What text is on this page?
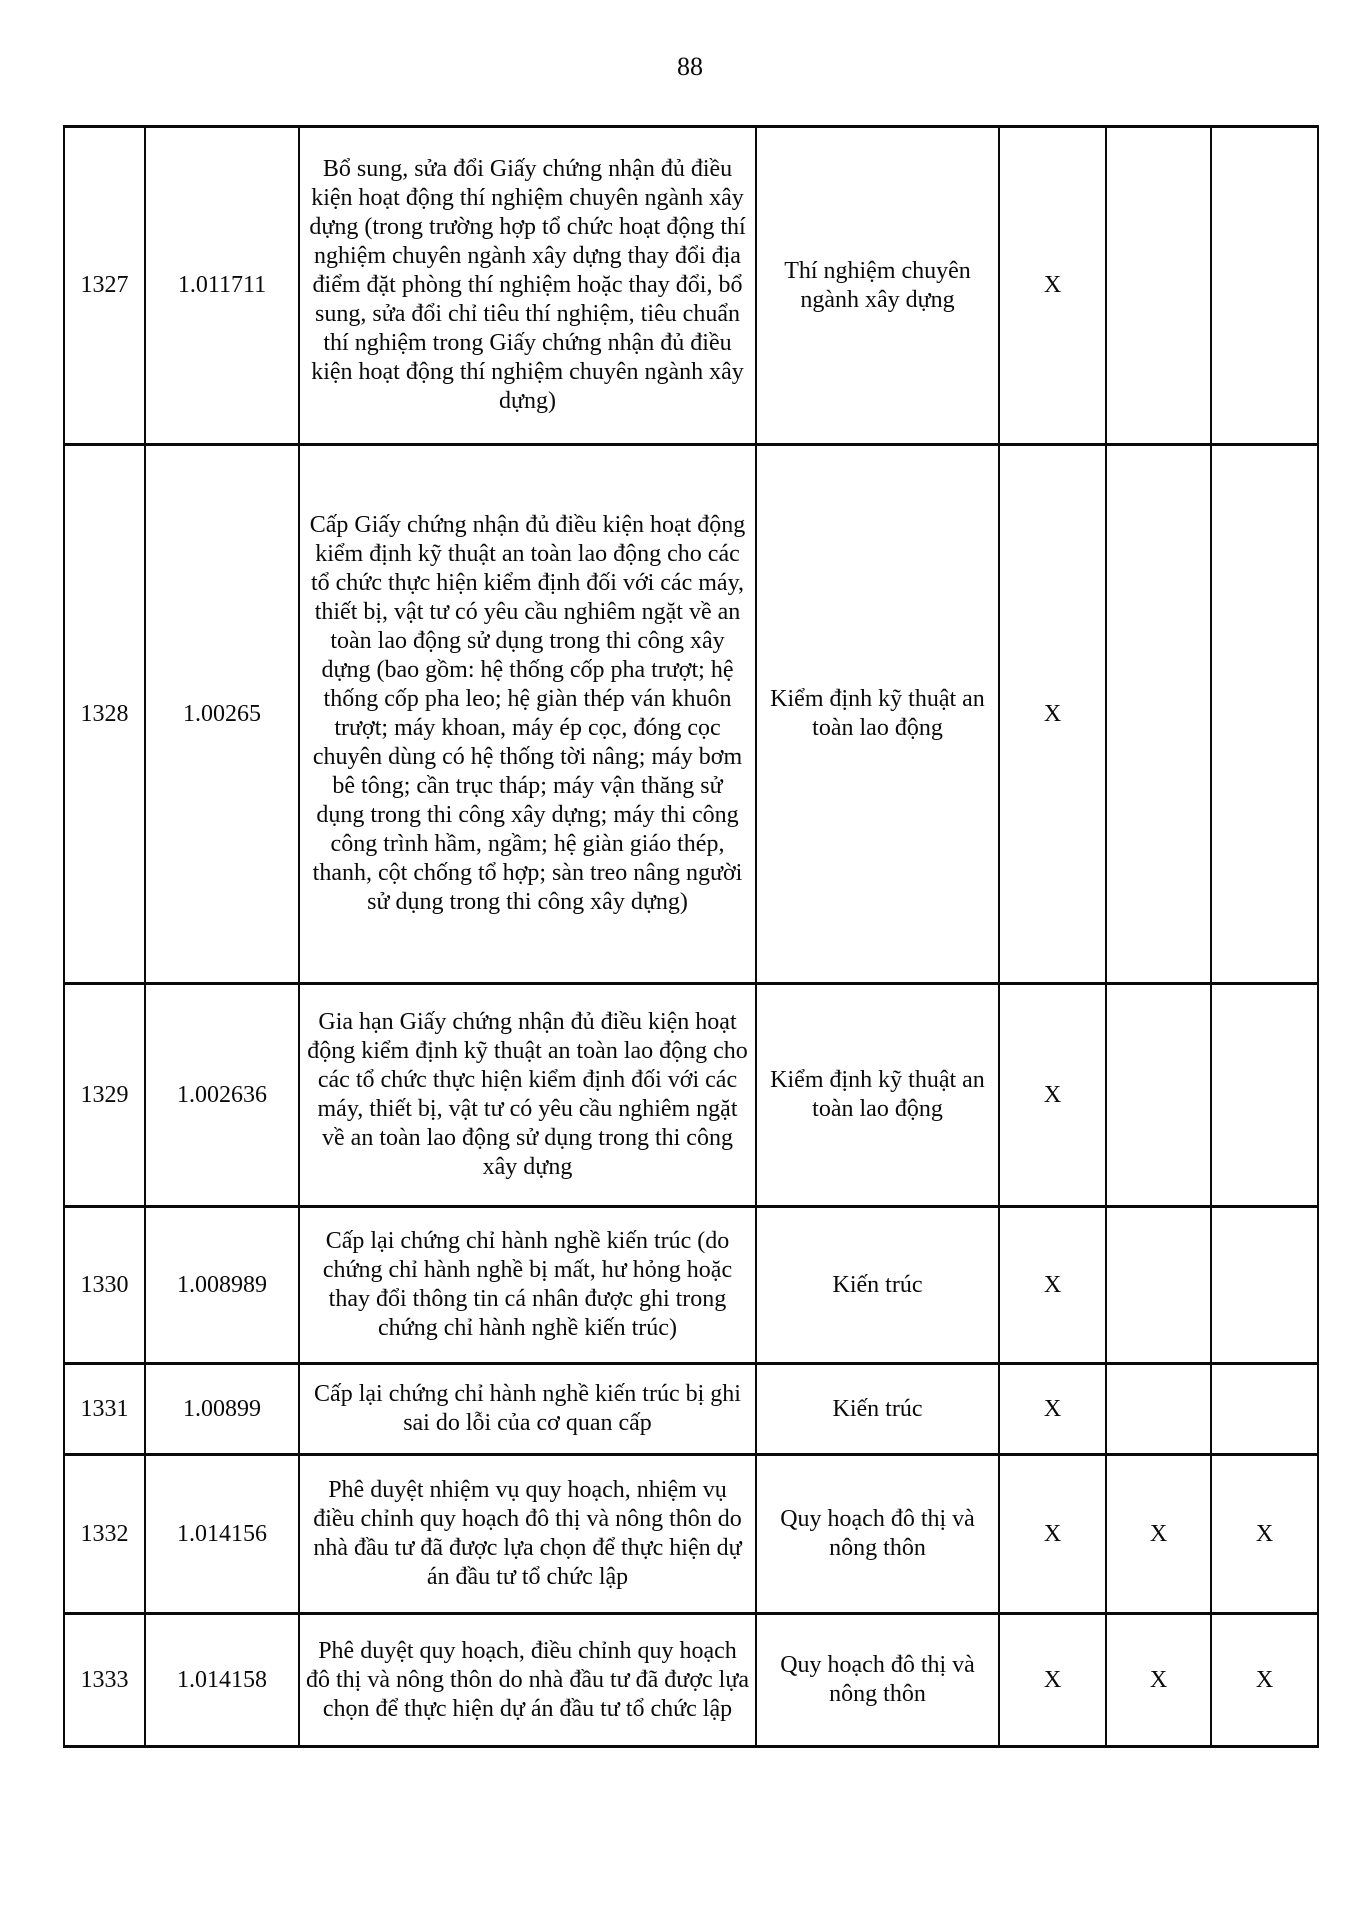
88
1327	1.011711	Bổ sung, sửa đổi Giấy chứng nhận đủ điều kiện hoạt động thí nghiệm chuyên ngành xây dựng (trong trường hợp tổ chức hoạt động thí nghiệm chuyên ngành xây dựng thay đổi địa điểm đặt phòng thí nghiệm hoặc thay đổi, bổ sung, sửa đổi chỉ tiêu thí nghiệm, tiêu chuẩn thí nghiệm trong Giấy chứng nhận đủ điều kiện hoạt động thí nghiệm chuyên ngành xây dựng)	Thí nghiệm chuyên ngành xây dựng	X		
1328	1.00265	Cấp Giấy chứng nhận đủ điều kiện hoạt động kiểm định kỹ thuật an toàn lao động cho các tổ chức thực hiện kiểm định đối với các máy, thiết bị, vật tư có yêu cầu nghiêm ngặt về an toàn lao động sử dụng trong thi công xây dựng (bao gồm: hệ thống cốp pha trượt; hệ thống cốp pha leo; hệ giàn thép ván khuôn trượt; máy khoan, máy ép cọc, đóng cọc chuyên dùng có hệ thống tời nâng; máy bơm bê tông; cần trục tháp; máy vận thăng sử dụng trong thi công xây dựng; máy thi công công trình hầm, ngầm; hệ giàn giáo thép, thanh, cột chống tổ hợp; sàn treo nâng người sử dụng trong thi công xây dựng)	Kiểm định kỹ thuật an toàn lao động	X		
1329	1.002636	Gia hạn Giấy chứng nhận đủ điều kiện hoạt động kiểm định kỹ thuật an toàn lao động cho các tổ chức thực hiện kiểm định đối với các máy, thiết bị, vật tư có yêu cầu nghiêm ngặt về an toàn lao động sử dụng trong thi công xây dựng	Kiểm định kỹ thuật an toàn lao động	X		
1330	1.008989	Cấp lại chứng chỉ hành nghề kiến trúc (do chứng chỉ hành nghề bị mất, hư hỏng hoặc thay đổi thông tin cá nhân được ghi trong chứng chỉ hành nghề kiến trúc)	Kiến trúc	X		
1331	1.00899	Cấp lại chứng chỉ hành nghề kiến trúc bị ghi sai do lỗi của cơ quan cấp	Kiến trúc	X		
1332	1.014156	Phê duyệt nhiệm vụ quy hoạch, nhiệm vụ điều chỉnh quy hoạch đô thị và nông thôn do nhà đầu tư đã được lựa chọn để thực hiện dự án đầu tư tổ chức lập	Quy hoạch đô thị và nông thôn	X	X	X
1333	1.014158	Phê duyệt quy hoạch, điều chỉnh quy hoạch đô thị và nông thôn do nhà đầu tư đã được lựa chọn để thực hiện dự án đầu tư tổ chức lập	Quy hoạch đô thị và nông thôn	X	X	X
